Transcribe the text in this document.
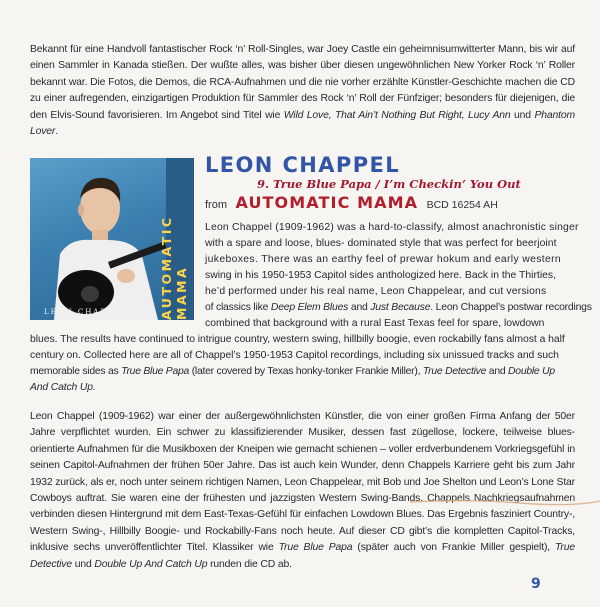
Bekannt für eine Handvoll fantastischer Rock ‘n’ Roll-Singles, war Joey Castle ein geheimnisumwitterter Mann, bis wir auf einen Sammler in Kanada stießen. Der wußte alles, was bisher über diesen ungewöhnlichen New Yorker Rock ‘n’ Roller bekannt war. Die Fotos, die Demos, die RCA-Aufnahmen und die nie vorher erzählte Künstler-Geschichte machen die CD zu einer aufregenden, einzigartigen Produktion für Sammler des Rock ‘n’ Roll der Fünfziger; besonders für diejenigen, die den Elvis-Sound favorisieren. Im Angebot sind Titel wie Wild Love, That Ain’t Nothing But Right, Lucy Ann und Phantom Lover.

AUTOMATIC MAMA
LEON CHAPPEL
LEON CHAPPEL
9. True Blue Papa / I’m Checkin’ You Out
from AUTOMATIC MAMA BCD 16254 AH
Leon Chappel (1909-1962) was a hard-to-classify, almost anachronistic singer
with a spare and loose, blues- dominated style that was perfect for beerjoint
jukeboxes. There was an earthy feel of prewar hokum and early western
swing in his 1950-1953 Capitol sides anthologized here. Back in the Thirties,
he’d performed under his real name, Leon Chappelear, and cut versions
of classics like Deep Elem Blues and Just Because. Leon Chappel’s postwar recordings
combined that background with a rural East Texas feel for spare, lowdown
blues. The results have continued to intrigue country, western swing, hillbilly boogie, even rockabilly fans almost a half
century on. Collected here are all of Chappel’s 1950-1953 Capitol recordings, including six unissued tracks and such
memorable sides as True Blue Papa (later covered by Texas honky-tonker Frankie Miller), True Detective and Double Up
And Catch Up.

Leon Chappel (1909-1962) war einer der außergewöhnlichsten Künstler, die von einer großen Firma Anfang der 50er Jahre verpflichtet wurden. Ein schwer zu klassifizierender Musiker, dessen fast zügellose, lockere, teilweise blues-orientierte Aufnahmen für die Musikboxen der Kneipen wie gemacht schienen – voller erdverbundenem Vorkriegsgefühl in seinen Capitol-Aufnahmen der frühen 50er Jahre. Das ist auch kein Wunder, denn Chappels Karriere geht bis zum Jahr 1932 zurück, als er, noch unter seinem richtigen Namen, Leon Chappelear, mit Bob und Joe Shelton und Leon’s Lone Star Cowboys auftrat. Sie waren eine der frühesten und jazzigsten Western Swing-Bands. Chappels Nachkriegsaufnahmen verbinden diesen Hintergrund mit dem East-Texas-Gefühl für einfachen Lowdown Blues. Das Ergebnis fasziniert Country-, Western Swing-, Hillbilly Boogie- und Rockabilly-Fans noch heute. Auf dieser CD gibt’s die kompletten Capitol-Tracks, inklusive sechs unveröffentlichter Titel. Klassiker wie True Blue Papa (später auch von Frankie Miller gespielt), True Detective und Double Up And Catch Up runden die CD ab.

9
